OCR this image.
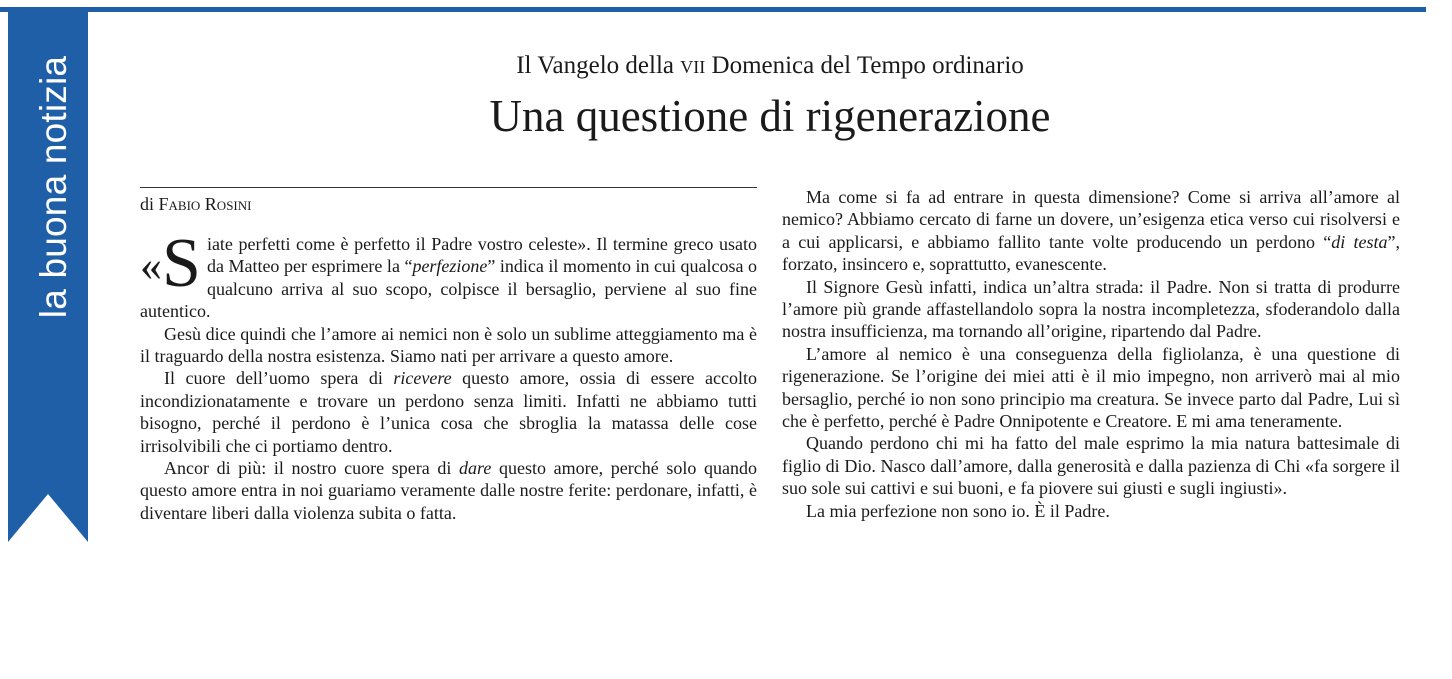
la buona notizia	Il Vangelo della vii Domenica del Tempo ordinario
Una questione di rigenerazione
di Fabio Rosini

«S iate perfetti come è perfetto il Padre vostro celeste». Il termine greco usato da Matteo per esprimere la “perfezione” indica il momento in cui qualcosa o qualcuno arriva al suo scopo, colpisce il bersaglio, perviene al suo fine autentico.

Gesù dice quindi che l’amore ai nemici non è solo un sublime atteggiamento ma è il traguardo della nostra esistenza. Siamo nati per arrivare a questo amore.

Il cuore dell’uomo spera di ricevere questo amore, ossia di essere accolto incondizionatamente e trovare un perdono senza limiti. Infatti ne abbiamo tutti bisogno, perché il perdono è l’unica cosa che sbroglia la matassa delle cose irrisolvibili che ci portiamo dentro.

Ancor di più: il nostro cuore spera di dare questo amore, perché solo quando questo amore entra in noi guariamo veramente dalle nostre ferite: perdonare, infatti, è diventare liberi dalla violenza subita o fatta.

Ma come si fa ad entrare in questa dimensione? Come si arriva all’amore al nemico? Abbiamo cercato di farne un dovere, un’esigenza etica verso cui risolversi e a cui applicarsi, e abbiamo fallito tante volte producendo un perdono “di testa”, forzato, insincero e, soprattutto, evanescente.

Il Signore Gesù infatti, indica un’altra strada: il Padre. Non si tratta di produrre l’amore più grande affastellandolo sopra la nostra incompletezza, sfoderandolo dalla nostra insufficienza, ma tornando all’origine, ripartendo dal Padre.

L’amore al nemico è una conseguenza della figliolanza, è una questione di rigenerazione. Se l’origine dei miei atti è il mio impegno, non arriverò mai al mio bersaglio, perché io non sono principio ma creatura. Se invece parto dal Padre, Lui sì che è perfetto, perché è Padre Onnipotente e Creatore. E mi ama teneramente.

Quando perdono chi mi ha fatto del male esprimo la mia natura battesimale di figlio di Dio. Nasco dall’amore, dalla generosità e dalla pazienza di Chi «fa sorgere il suo sole sui cattivi e sui buoni, e fa piovere sui giusti e sugli ingiusti».

La mia perfezione non sono io. È il Padre.
